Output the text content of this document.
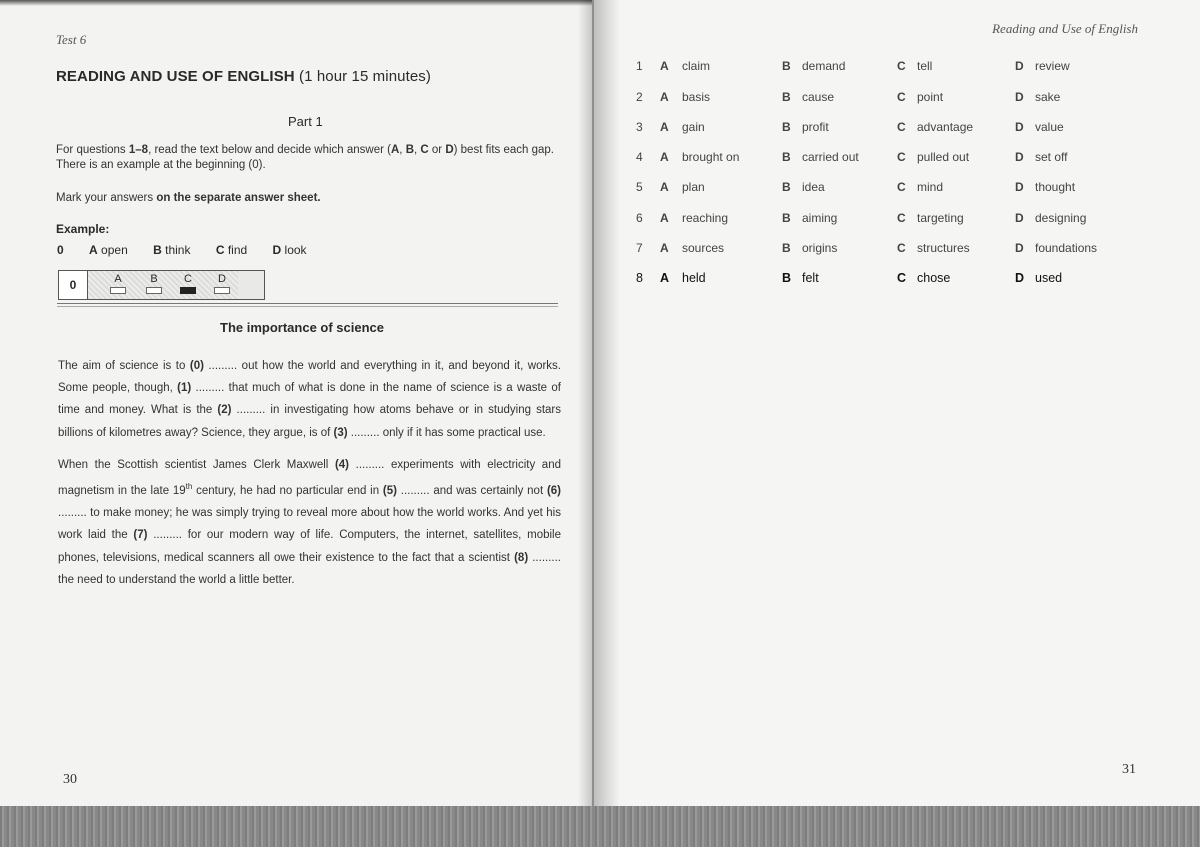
Test 6
READING AND USE OF ENGLISH (1 hour 15 minutes)
Part 1
For questions 1–8, read the text below and decide which answer (A, B, C or D) best fits each gap.
There is an example at the beginning (0).
Mark your answers on the separate answer sheet.
Example:
0 A open B think C find D look
0	A	B	C	D
The importance of science
The aim of science is to (0) ......... out how the world and everything in it, and beyond it, works. Some people, though, (1) ......... that much of what is done in the name of science is a waste of time and money. What is the (2) ......... in investigating how atoms behave or in studying stars billions of kilometres away? Science, they argue, is of (3) ......... only if it has some practical use.
When the Scottish scientist James Clerk Maxwell (4) ......... experiments with electricity and magnetism in the late 19th century, he had no particular end in (5) ......... and was certainly not (6) ......... to make money; he was simply trying to reveal more about how the world works. And yet his work laid the (7) ......... for our modern way of life. Computers, the internet, satellites, mobile phones, televisions, medical scanners all owe their existence to the fact that a scientist (8) ......... the need to understand the world a little better.
30
Reading and Use of English
1 A claim	B demand	C tell	D review
2 A basis	B cause	C point	D sake
3 A gain	B profit	C advantage	D value
4 A brought on	B carried out	C pulled out	D set off
5 A plan	B idea	C mind	D thought
6 A reaching	B aiming	C targeting	D designing
7 A sources	B origins	C structures	D foundations
8 A held	B felt	C chose	D used
31
